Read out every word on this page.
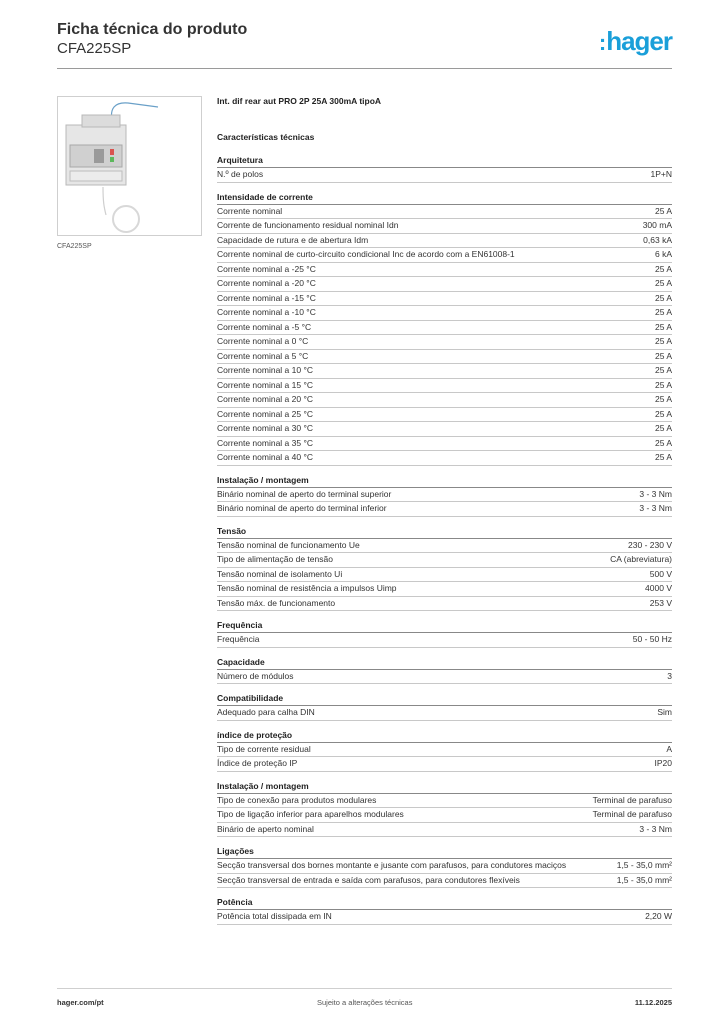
Ficha técnica do produto
CFA225SP	:hager
CFA225SP
Int. dif rear aut PRO 2P 25A 300mA tipoA
Características técnicas
Arquitetura
N.º de polos	1P+N
Intensidade de corrente
Corrente nominal	25 A
Corrente de funcionamento residual nominal Idn	300 mA
Capacidade de rutura e de abertura Idm	0,63 kA
Corrente nominal de curto-circuito condicional Inc de acordo com a EN61008-1	6 kA
Corrente nominal a -25 °C	25 A
Corrente nominal a -20 °C	25 A
Corrente nominal a -15 °C	25 A
Corrente nominal a -10 °C	25 A
Corrente nominal a -5 °C	25 A
Corrente nominal a 0 °C	25 A
Corrente nominal a 5 °C	25 A
Corrente nominal a 10 °C	25 A
Corrente nominal a 15 °C	25 A
Corrente nominal a 20 °C	25 A
Corrente nominal a 25 °C	25 A
Corrente nominal a 30 °C	25 A
Corrente nominal a 35 °C	25 A
Corrente nominal a 40 °C	25 A
Instalação / montagem
Binário nominal de aperto do terminal superior	3 - 3 Nm
Binário nominal de aperto do terminal inferior	3 - 3 Nm
Tensão
Tensão nominal de funcionamento Ue	230 - 230 V
Tipo de alimentação de tensão	CA (abreviatura)
Tensão nominal de isolamento Ui	500 V
Tensão nominal de resistência a impulsos Uimp	4000 V
Tensão máx. de funcionamento	253 V
Frequência
Frequência	50 - 50 Hz
Capacidade
Número de módulos	3
Compatibilidade
Adequado para calha DIN	Sim
índice de proteção
Tipo de corrente residual	A
Índice de proteção IP	IP20
Instalação / montagem
Tipo de conexão para produtos modulares	Terminal de parafuso
Tipo de ligação inferior para aparelhos modulares	Terminal de parafuso
Binário de aperto nominal	3 - 3 Nm
Ligações
Secção transversal dos bornes montante e jusante com parafusos, para condutores maciços	1,5 - 35,0 mm²
Secção transversal de entrada e saída com parafusos, para condutores flexíveis	1,5 - 35,0 mm²
Potência
Potência total dissipada em IN	2,20 W
hager.com/pt	Sujeito a alterações técnicas	11.12.2025
